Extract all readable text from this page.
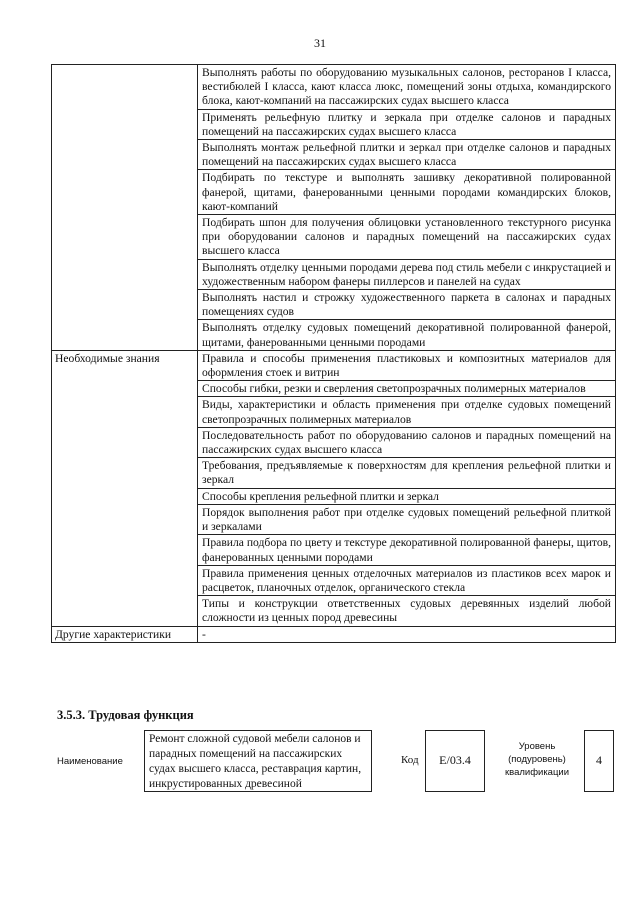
31
	Выполнять работы по оборудованию музыкальных салонов, ресторанов I класса, вестибюлей I класса, кают класса люкс, помещений зоны отдыха, командирского блока, кают-компаний на пассажирских судах высшего класса
	Применять рельефную плитку и зеркала при отделке салонов и парадных помещений на пассажирских судах высшего класса
	Выполнять монтаж рельефной плитки и зеркал при отделке салонов и парадных помещений на пассажирских судах высшего класса
	Подбирать по текстуре и выполнять зашивку декоративной полированной фанерой, щитами, фанерованными ценными породами командирских блоков, кают-компаний
	Подбирать шпон для получения облицовки установленного текстурного рисунка при оборудовании салонов и парадных помещений на пассажирских судах высшего класса
	Выполнять отделку ценными породами дерева под стиль мебели с инкрустацией и художественным набором фанеры пиллерсов и панелей на судах
	Выполнять настил и строжку художественного паркета в салонах и парадных помещениях судов
	Выполнять отделку судовых помещений декоративной полированной фанерой, щитами, фанерованными ценными породами
Необходимые знания	Правила и способы применения пластиковых и композитных материалов для оформления стоек и витрин
	Способы гибки, резки и сверления светопрозрачных полимерных материалов
	Виды, характеристики и область применения при отделке судовых помещений светопрозрачных полимерных материалов
	Последовательность работ по оборудованию салонов и парадных помещений на пассажирских судах высшего класса
	Требования, предъявляемые к поверхностям для крепления рельефной плитки и зеркал
	Способы крепления рельефной плитки и зеркал
	Порядок выполнения работ при отделке судовых помещений рельефной плиткой и зеркалами
	Правила подбора по цвету и текстуре декоративной полированной фанеры, щитов, фанерованных ценными породами
	Правила применения ценных отделочных материалов из пластиков всех марок и расцветок, планочных отделок, органического стекла
	Типы и конструкции ответственных судовых деревянных изделий любой сложности из ценных пород древесины
Другие характеристики	-
3.5.3. Трудовая функция
Наименование
Ремонт сложной судовой мебели салонов и парадных помещений на пассажирских судах высшего класса, реставрация картин, инкрустированных древесиной
Код	E/03.4
Уровень (подуровень) квалификации
4
